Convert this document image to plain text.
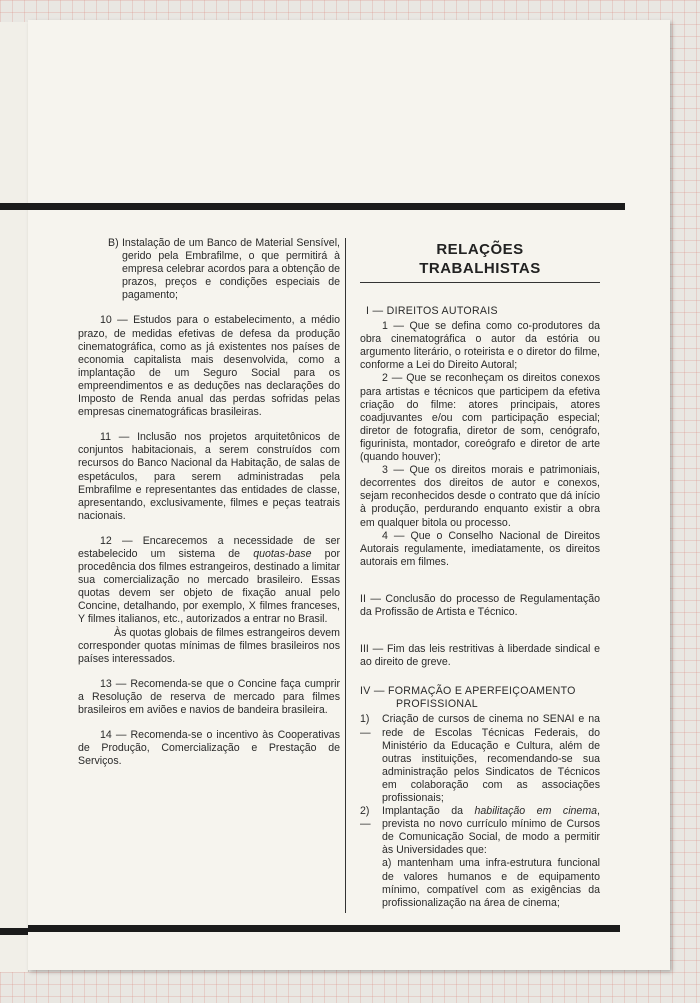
B) Instalação de um Banco de Material Sensível, gerido pela Embrafilme, o que permitirá à empresa celebrar acordos para a obtenção de prazos, preços e condições especiais de pagamento;

10 — Estudos para o estabelecimento, a médio prazo, de medidas efetivas de defesa da produção cinematográfica, como as já existentes nos países de economia capitalista mais desenvolvida, como a implantação de um Seguro Social para os empreendimentos e as deduções nas declarações do Imposto de Renda anual das perdas sofridas pelas empresas cinematográficas brasileiras.

11 — Inclusão nos projetos arquitetônicos de conjuntos habitacionais, a serem construídos com recursos do Banco Nacional da Habitação, de salas de espetáculos, para serem administradas pela Embrafilme e representantes das entidades de classe, apresentando, exclusivamente, filmes e peças teatrais nacionais.

12 — Encarecemos a necessidade de ser estabelecido um sistema de quotas-base por procedência dos filmes estrangeiros, destinado a limitar sua comercialização no mercado brasileiro. Essas quotas devem ser objeto de fixação anual pelo Concine, detalhando, por exemplo, X filmes franceses, Y filmes italianos, etc., autorizados a entrar no Brasil.

Às quotas globais de filmes estrangeiros devem corresponder quotas mínimas de filmes brasileiros nos países interessados.

13 — Recomenda-se que o Concine faça cumprir a Resolução de reserva de mercado para filmes brasileiros em aviões e navios de bandeira brasileira.

14 — Recomenda-se o incentivo às Cooperativas de Produção, Comercialização e Prestação de Serviços.

RELAÇÕES
TRABALHISTAS

I — DIREITOS AUTORAIS

1 — Que se defina como co-produtores da obra cinematográfica o autor da estória ou argumento literário, o roteirista e o diretor do filme, conforme a Lei do Direito Autoral;

2 — Que se reconheçam os direitos conexos para artistas e técnicos que participem da efetiva criação do filme: atores principais, atores coadjuvantes e/ou com participação especial; diretor de fotografia, diretor de som, cenógrafo, figurinista, montador, coreógrafo e diretor de arte (quando houver);

3 — Que os direitos morais e patrimoniais, decorrentes dos direitos de autor e conexos, sejam reconhecidos desde o contrato que dá início à produção, perdurando enquanto existir a obra em qualquer bitola ou processo.

4 — Que o Conselho Nacional de Direitos Autorais regulamente, imediatamente, os direitos autorais em filmes.

II — Conclusão do processo de Regulamentação da Profissão de Artista e Técnico.

III — Fim das leis restritivas à liberdade sindical e ao direito de greve.

IV — FORMAÇÃO E APERFEIÇOAMENTO
PROFISSIONAL
1) —
Criação de cursos de cinema no SENAI e na rede de Escolas Técnicas Federais, do Ministério da Educação e Cultura, além de outras instituições, recomendando-se sua administração pelos Sindicatos de Técnicos em colaboração com as associações profissionais;
2) —
Implantação da habilitação em cinema, prevista no novo currículo mínimo de Cursos de Comunicação Social, de modo a permitir às Universidades que:
a) mantenham uma infra-estrutura funcional de valores humanos e de equipamento mínimo, compatível com as exigências da profissionalização na área de cinema;
